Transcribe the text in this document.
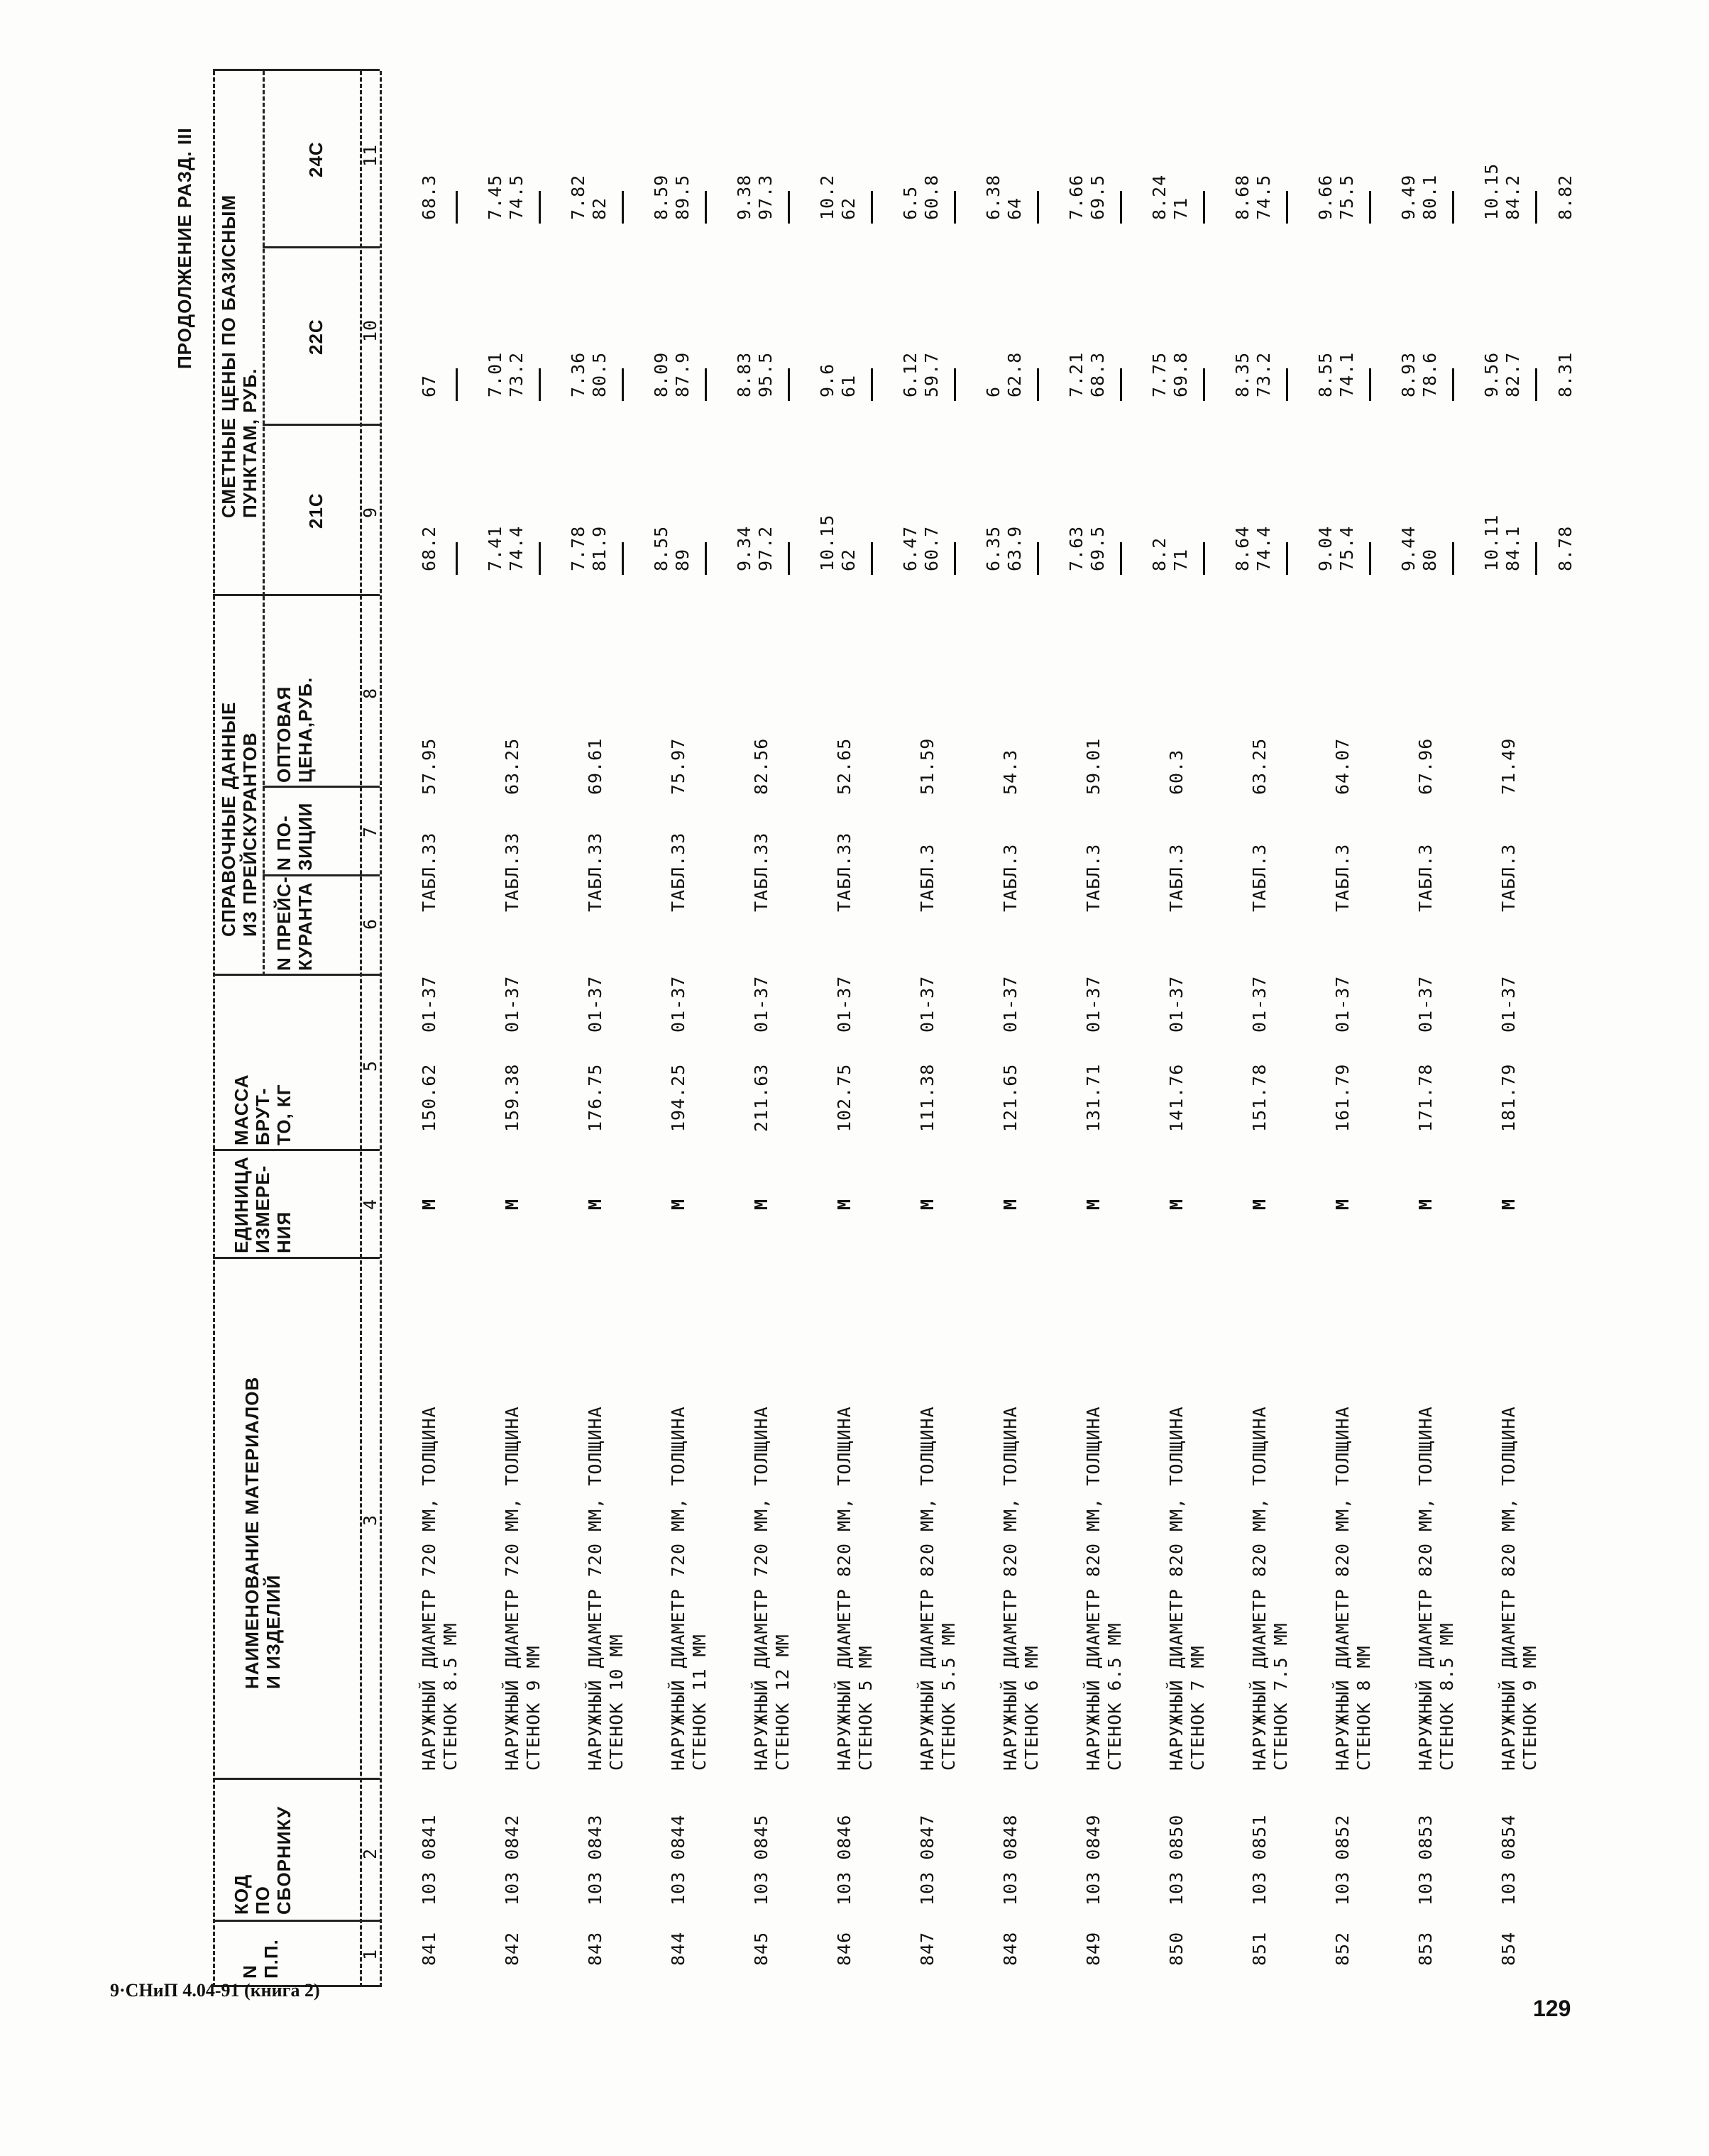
ПРОДОЛЖЕНИЕ РАЗД. III
N
П.П.
КОД
ПО
СБОРНИКУ
НАИМЕНОВАНИЕ МАТЕРИАЛОВ
И ИЗДЕЛИЙ
ЕДИНИЦА
ИЗМЕРЕ-
НИЯ
МАССА
БРУТ-
ТО, КГ
СПРАВОЧНЫЕ ДАННЫЕ
ИЗ ПРЕЙСКУРАНТОВ N ПРЕЙС-
КУРАНТА
N ПО-
ЗИЦИИ
ОПТОВАЯ
ЦЕНА,РУБ.
СМЕТНЫЕ ЦЕНЫ ПО БАЗИСНЫМ
ПУНКТАМ, РУБ. 21С
22С
24С
1
2
3
4
5
6
7
8
9
10
11
841
103 0841
НАРУЖНЫЙ ДИАМЕТР 720 ММ, ТОЛЩИНА СТЕНОК 8.5 ММ
М
150.62
01-37
ТАБЛ.33
57.95
68.2
67
68.3
842
103 0842
НАРУЖНЫЙ ДИАМЕТР 720 ММ, ТОЛЩИНА СТЕНОК 9 ММ
М
159.38
01-37
ТАБЛ.33
63.25
7.41 74.4
7.01 73.2
7.45 74.5
843
103 0843
НАРУЖНЫЙ ДИАМЕТР 720 ММ, ТОЛЩИНА СТЕНОК 10 ММ
М
176.75
01-37
ТАБЛ.33
69.61
7.78 81.9
7.36 80.5
7.82 82
844
103 0844
НАРУЖНЫЙ ДИАМЕТР 720 ММ, ТОЛЩИНА СТЕНОК 11 ММ
М
194.25
01-37
ТАБЛ.33
75.97
8.55 89
8.09 87.9
8.59 89.5
845
103 0845
НАРУЖНЫЙ ДИАМЕТР 720 ММ, ТОЛЩИНА СТЕНОК 12 ММ
М
211.63
01-37
ТАБЛ.33
82.56
9.34 97.2
8.83 95.5
9.38 97.3
846
103 0846
НАРУЖНЫЙ ДИАМЕТР 820 ММ, ТОЛЩИНА СТЕНОК 5 ММ
М
102.75
01-37
ТАБЛ.33
52.65
10.15 62
9.6 61
10.2 62
847
103 0847
НАРУЖНЫЙ ДИАМЕТР 820 ММ, ТОЛЩИНА СТЕНОК 5.5 ММ
М
111.38
01-37
ТАБЛ.3
51.59
6.47 60.7
6.12 59.7
6.5 60.8
848
103 0848
НАРУЖНЫЙ ДИАМЕТР 820 ММ, ТОЛЩИНА СТЕНОК 6 ММ
М
121.65
01-37
ТАБЛ.3
54.3
6.35 63.9
6 62.8
6.38 64
849
103 0849
НАРУЖНЫЙ ДИАМЕТР 820 ММ, ТОЛЩИНА СТЕНОК 6.5 ММ
М
131.71
01-37
ТАБЛ.3
59.01
7.63 69.5
7.21 68.3
7.66 69.5
850
103 0850
НАРУЖНЫЙ ДИАМЕТР 820 ММ, ТОЛЩИНА СТЕНОК 7 ММ
М
141.76
01-37
ТАБЛ.3
60.3
8.2 71
7.75 69.8
8.24 71
851
103 0851
НАРУЖНЫЙ ДИАМЕТР 820 ММ, ТОЛЩИНА СТЕНОК 7.5 ММ
М
151.78
01-37
ТАБЛ.3
63.25
8.64 74.4
8.35 73.2
8.68 74.5
852
103 0852
НАРУЖНЫЙ ДИАМЕТР 820 ММ, ТОЛЩИНА СТЕНОК 8 ММ
М
161.79
01-37
ТАБЛ.3
64.07
9.04 75.4
8.55 74.1
9.66 75.5
853
103 0853
НАРУЖНЫЙ ДИАМЕТР 820 ММ, ТОЛЩИНА СТЕНОК 8.5 ММ
М
171.78
01-37
ТАБЛ.3
67.96
9.44 80
8.93 78.6
9.49 80.1
854
103 0854
НАРУЖНЫЙ ДИАМЕТР 820 ММ, ТОЛЩИНА СТЕНОК 9 ММ
М
181.79
01-37
ТАБЛ.3
71.49
10.11 84.1 8.78
9.56 82.7 8.31
10.15 84.2 8.82
9·СНиП 4.04-91 (книга 2)
129
